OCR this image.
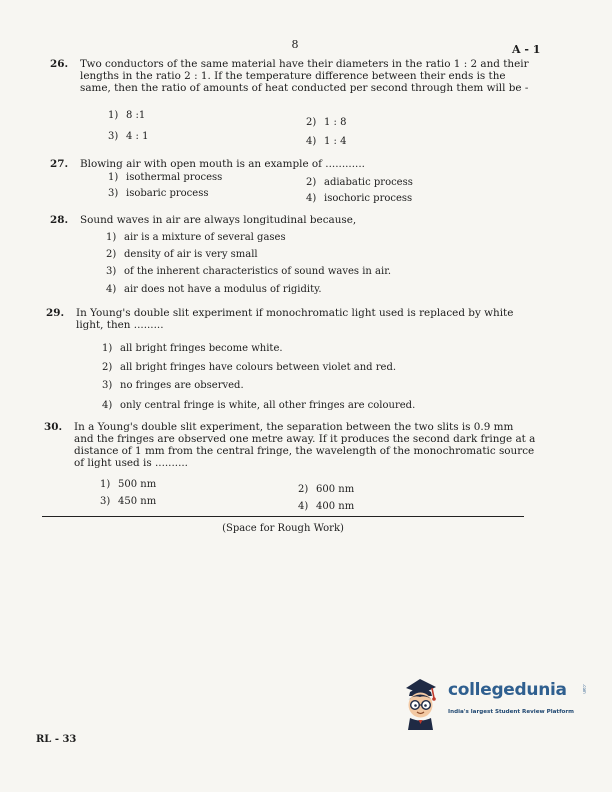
8	A - 1
26. Two conductors of the same material have their diameters in the ratio 1 : 2 and their lengths in the ratio 2 : 1. If the temperature difference between their ends is the same, then the ratio of amounts of heat conducted per second through them will be -
1) 8 :1
2) 1 : 8
3) 4 : 1	4) 1 : 4
27. Blowing air with open mouth is an example of ............
1) isothermal process	2) adiabatic process
3) isobaric process	4) isochoric process
28. Sound waves in air are always longitudinal because,
1) air is a mixture of several gases
2) density of air is very small
3) of the inherent characteristics of sound waves in air.
4) air does not have a modulus of rigidity.
29. In Young's double slit experiment if monochromatic light used is replaced by white light, then .........
1) all bright fringes become white.
2) all bright fringes have colours between violet and red.
3) no fringes are observed.
4) only central fringe is white, all other fringes are coloured.
30. In a Young's double slit experiment, the separation between the two slits is 0.9 mm and the fringes are observed one metre away. If it produces the second dark fringe at a distance of 1 mm from the central fringe, the wavelength of the monochromatic source of light used is ..........
1) 500 nm	2) 600 nm
3) 450 nm	4) 400 nm
(Space for Rough Work)
collegedunia	.com
India's largest Student Review Platform
RL - 33
